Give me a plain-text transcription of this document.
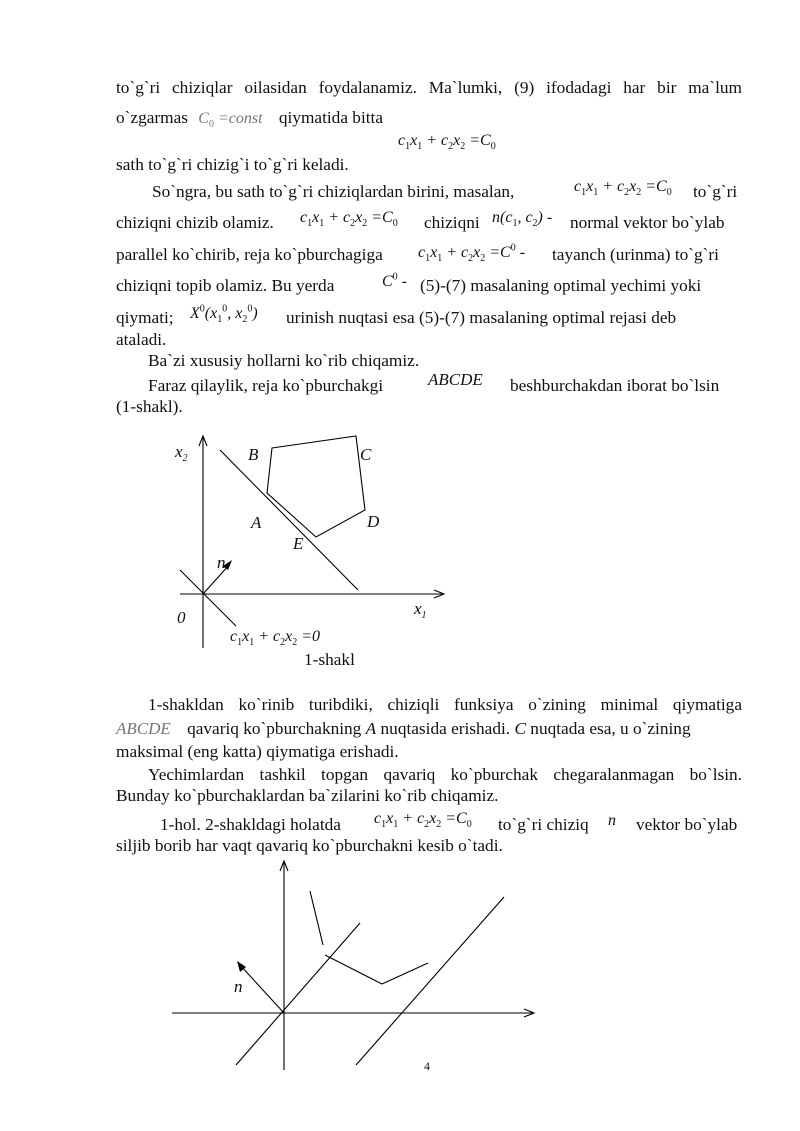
to`g`ri chiziqlar oilasidan foydalanamiz. Ma`lumki, (9) ifodadagi har bir ma`lum
o`zgarmas $C_0$ =const qiymatida bitta
$c_1x_1 + c_2x_2 =C_0$
sath to`g`ri chizig`i to`g`ri keladi.
So`ngra, bu sath to`g`ri chiziqlardan birini, masalan,	$c_1x_1 + c_2x_2 =C_0$ to`g`ri
chiziqni chizib olamiz. $c_1x_1 + c_2x_2 =C_0$ chiziqni $n(c_1$, $c_2$) - normal vektor bo`ylab
parallel ko`chirib, reja ko`pburchagiga $c_1x_1 + c_2x_2 =C^0$ - tayanch (urinma) to`g`ri
chiziqni topib olamiz. Bu yerda	$C^0 - (5)-(7)$ masalaning optimal yechimi yoki
qiymati; $X^0(x_1^0$, $x_2^0$) urinish nuqtasi esa (5)-(7) masalaning optimal rejasi deb
ataladi.
Ba`zi xususiy hollarni ko`rib chiqamiz.
Faraz qilaylik, reja ko`pburchakgi	ABCDE beshburchakdan iborat bo`lsin
(1-shakl).
$x_2$
$x_1$
0
B	C
A	D
E
n
$c_1x_1 + c_2x_2 =0$
1-shakl
1-shakldan ko`rinib turibdiki, chiziqli funksiya o`zining minimal qiymatiga
ABCDE qavariq ko`pburchakning A nuqtasida erishadi. C nuqtada esa, u o`zining
maksimal (eng katta) qiymatiga erishadi.
Yechimlardan tashkil topgan qavariq ko`pburchak chegaralanmagan bo`lsin.
Bunday ko`pburchaklardan ba`zilarini ko`rib chiqamiz.
1-hol. 2-shakldagi holatda $c_1x_1 + c_2x_2 =C_0$ to`g`ri chiziq n vektor bo`ylab
siljib borib har vaqt qavariq ko`pburchakni kesib o`tadi.
n
4
